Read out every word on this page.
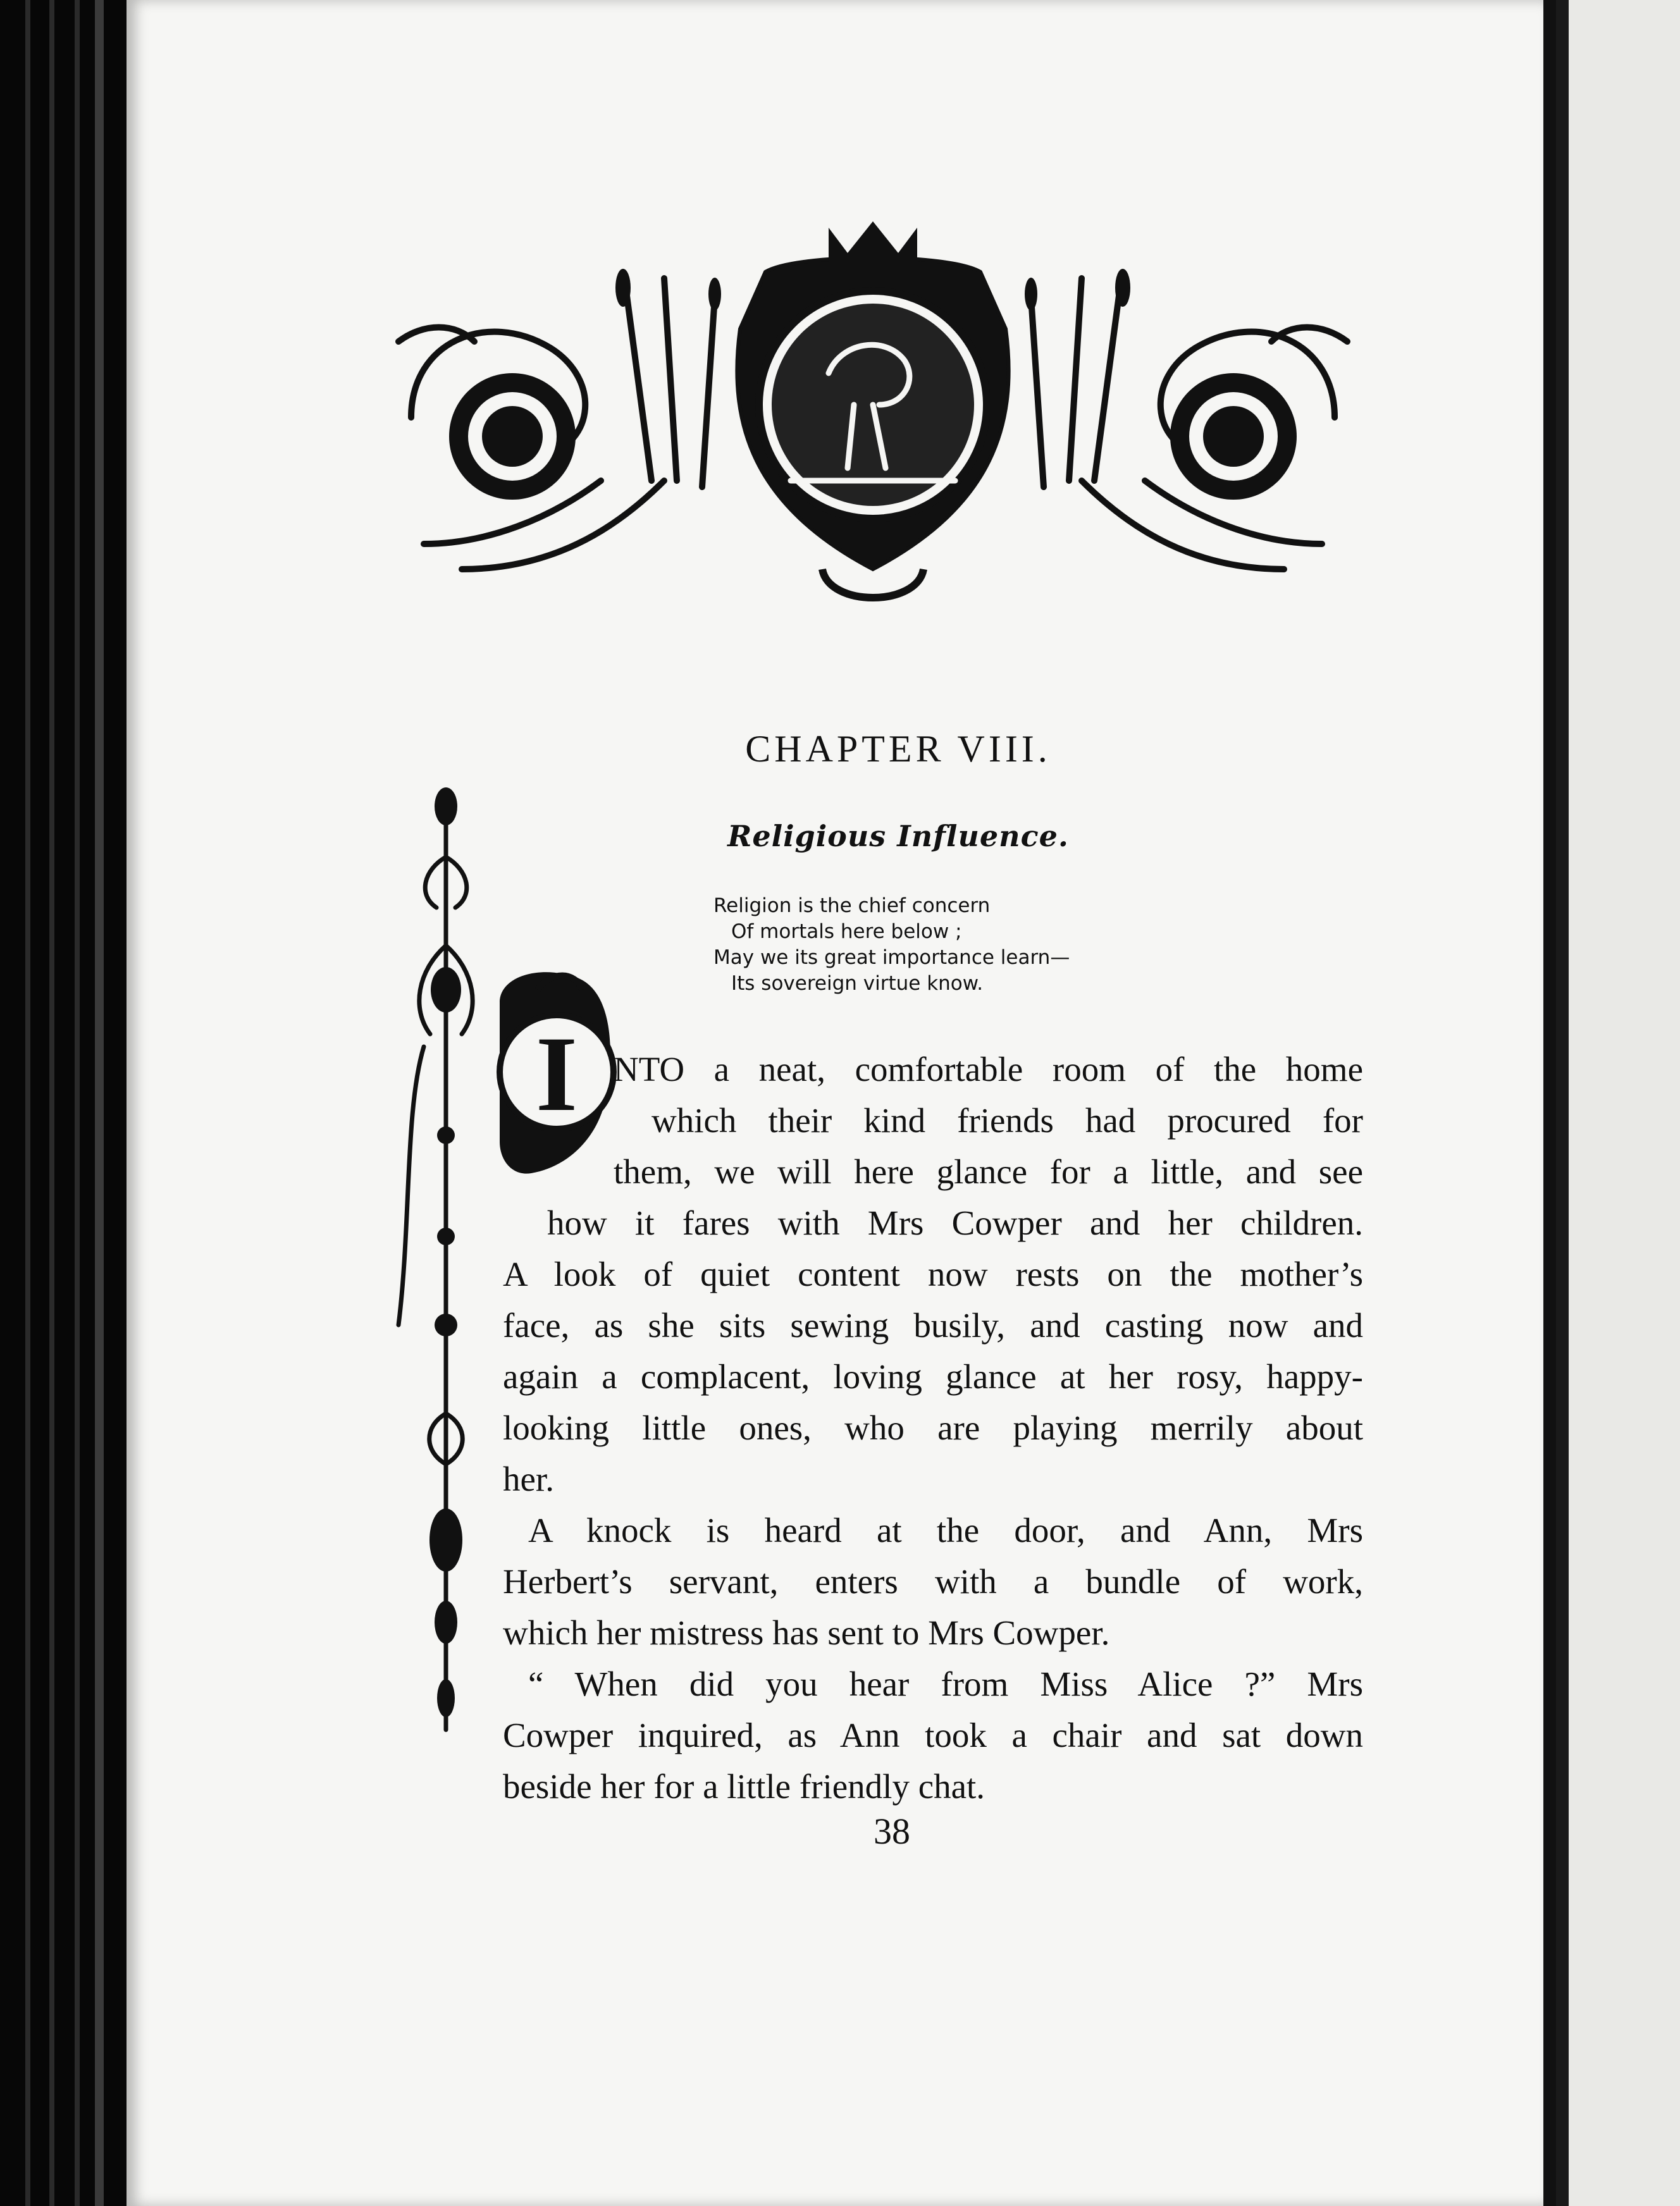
CHAPTER VIII.
Religious Influence.
Religion is the chief concern
Of mortals here below ;
May we its great importance learn—
Its sovereign virtue know.
I NTO a neat, comfortable room of the home
which their kind friends had procured for
them, we will here glance for a little, and see
how it fares with Mrs Cowper and her children.
A look of quiet content now rests on the mother’s
face, as she sits sewing busily, and casting now and
again a complacent, loving glance at her rosy, happy-
looking little ones, who are playing merrily about
her.
A knock is heard at the door, and Ann, Mrs
Herbert’s servant, enters with a bundle of work,
which her mistress has sent to Mrs Cowper.
“ When did you hear from Miss Alice ?” Mrs
Cowper inquired, as Ann took a chair and sat down
beside her for a little friendly chat.
38
